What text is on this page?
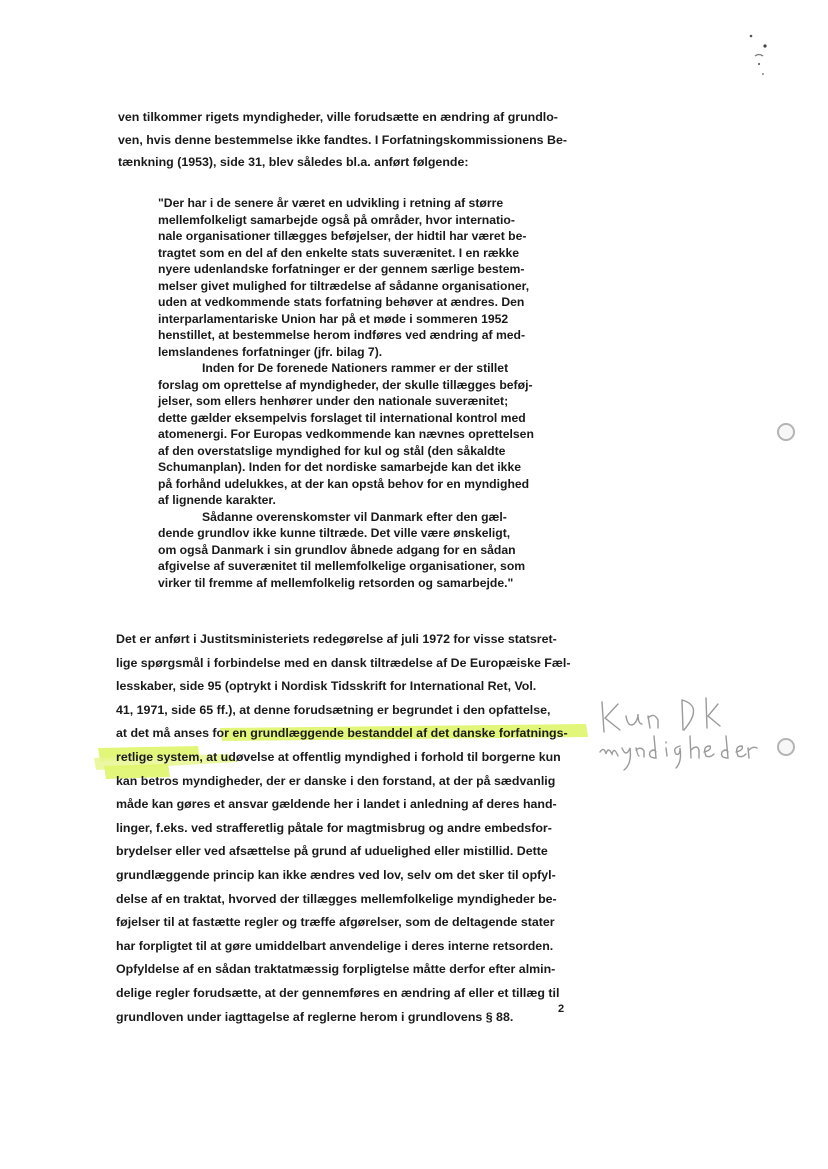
ven tilkommer rigets myndigheder, ville forudsætte en ændring af grundlo-
ven, hvis denne bestemmelse ikke fandtes. I Forfatningskommissionens Be-
tænkning (1953), side 31, blev således bl.a. anført følgende:
"Der har i de senere år været en udvikling i retning af større
mellemfolkeligt samarbejde også på områder, hvor internatio-
nale organisationer tillægges beføjelser, der hidtil har været be-
tragtet som en del af den enkelte stats suverænitet. I en række
nyere udenlandske forfatninger er der gennem særlige bestem-
melser givet mulighed for tiltrædelse af sådanne organisationer,
uden at vedkommende stats forfatning behøver at ændres. Den
interparlamentariske Union har på et møde i sommeren 1952
henstillet, at bestemmelse herom indføres ved ændring af med-
lemslandenes forfatninger (jfr. bilag 7).
Inden for De forenede Nationers rammer er der stillet
forslag om oprettelse af myndigheder, der skulle tillægges beføj-
jelser, som ellers henhører under den nationale suverænitet;
dette gælder eksempelvis forslaget til international kontrol med
atomenergi. For Europas vedkommende kan nævnes oprettelsen
af den overstatslige myndighed for kul og stål (den såkaldte
Schumanplan). Inden for det nordiske samarbejde kan det ikke
på forhånd udelukkes, at der kan opstå behov for en myndighed
af lignende karakter.
Sådanne overenskomster vil Danmark efter den gæl-
dende grundlov ikke kunne tiltræde. Det ville være ønskeligt,
om også Danmark i sin grundlov åbnede adgang for en sådan
afgivelse af suverænitet til mellemfolkelige organisationer, som
virker til fremme af mellemfolkelig retsorden og samarbejde."
Det er anført i Justitsministeriets redegørelse af juli 1972 for visse statsret-
lige spørgsmål i forbindelse med en dansk tiltrædelse af De Europæiske Fæl-
lesskaber, side 95 (optrykt i Nordisk Tidsskrift for International Ret, Vol.
41, 1971, side 65 ff.), at denne forudsætning er begrundet i den opfattelse,
at det må anses for en grundlæggende bestanddel af det danske forfatnings-
retlige system, at udøvelse at offentlig myndighed i forhold til borgerne kun
kan betros myndigheder, der er danske i den forstand, at der på sædvanlig
måde kan gøres et ansvar gældende her i landet i anledning af deres hand-
linger, f.eks. ved strafferetlig påtale for magtmisbrug og andre embedsfor-
brydelser eller ved afsættelse på grund af uduelighed eller mistillid. Dette
grundlæggende princip kan ikke ændres ved lov, selv om det sker til opfyl-
delse af en traktat, hvorved der tillægges mellemfolkelige myndigheder be-
føjelser til at fastætte regler og træffe afgørelser, som de deltagende stater
har forpligtet til at gøre umiddelbart anvendelige i deres interne retsorden.
Opfyldelse af en sådan traktatmæssig forpligtelse måtte derfor efter almin-
delige regler forudsætte, at der gennemføres en ændring af eller et tillæg til
grundloven under iagttagelse af reglerne herom i grundlovens § 88.
2
